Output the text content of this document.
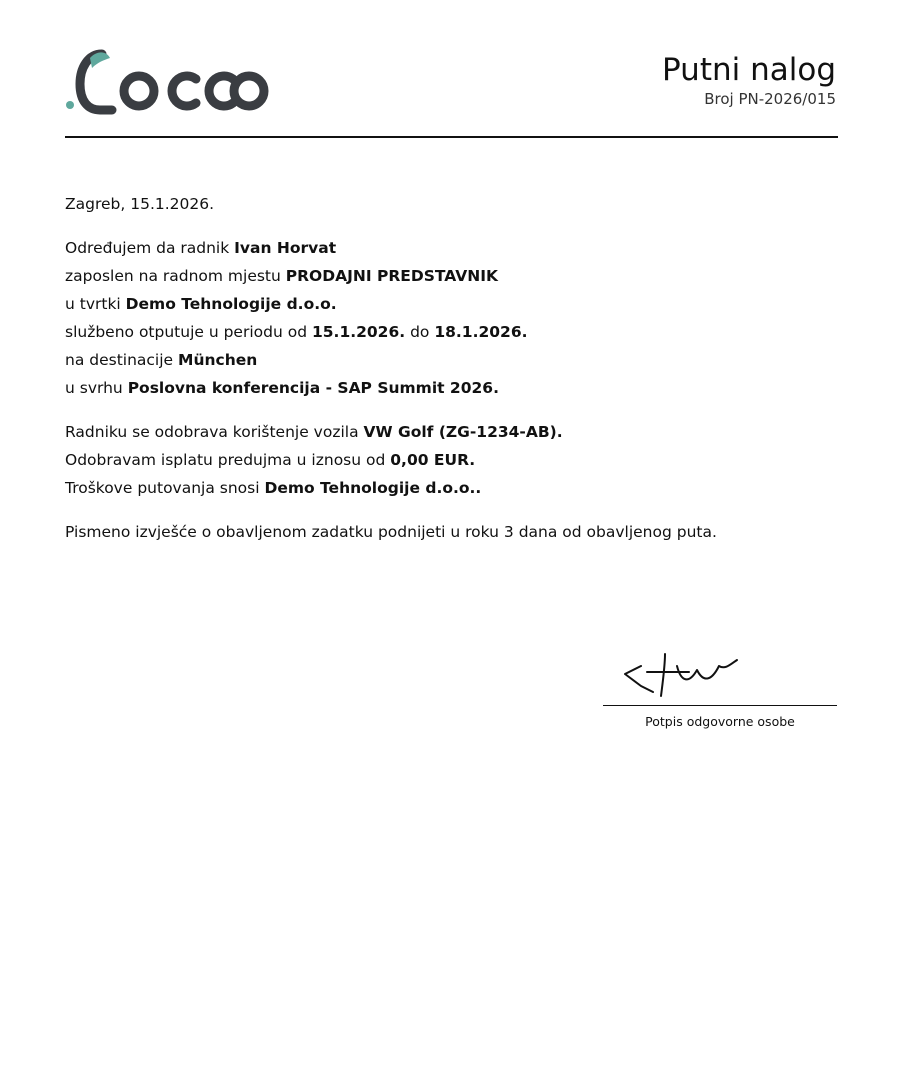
Putni nalog
Broj PN-2026/015
Zagreb, 15.1.2026.
Određujem da radnik Ivan Horvat
zaposlen na radnom mjestu PRODAJNI PREDSTAVNIK
u tvrtki Demo Tehnologije d.o.o.
službeno otputuje u periodu od 15.1.2026. do 18.1.2026.
na destinacije München
u svrhu Poslovna konferencija - SAP Summit 2026.
Radniku se odobrava korištenje vozila VW Golf (ZG-1234-AB).
Odobravam isplatu predujma u iznosu od 0,00 EUR.
Troškove putovanja snosi Demo Tehnologije d.o.o..
Pismeno izvješće o obavljenom zadatku podnijeti u roku 3 dana od obavljenog puta.
Potpis odgovorne osobe
